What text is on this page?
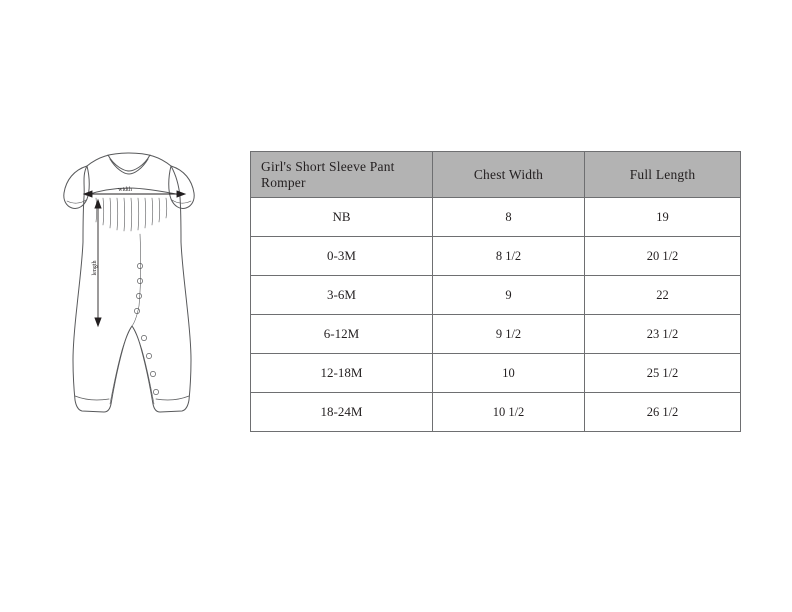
width
length
Girl's Short Sleeve Pant Romper	Chest Width	Full Length
NB	8	19
0-3M	8 1/2	20 1/2
3-6M	9	22
6-12M	9 1/2	23 1/2
12-18M	10	25 1/2
18-24M	10 1/2	26 1/2
